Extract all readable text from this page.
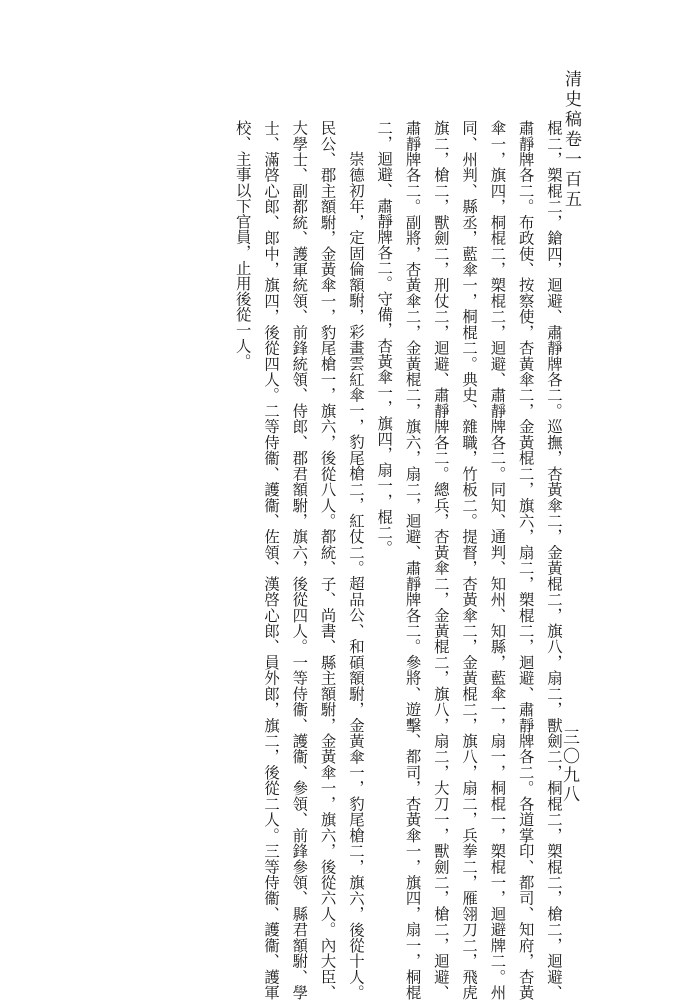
清史稿卷一百五
三〇九八

棍二，槊棍二，鎗四，迴避、肅靜牌各二。巡撫，杏黃傘二，金黃棍二，旗八，扇二，獸劍二，桐棍二，槊棍二，槍二，迴避、肅靜牌各二。布政使、按察使，杏黃傘二，金黃棍二，旗六，扇二，槊棍二，迴避、肅靜牌各二。各道掌印、都司、知府，杏黃傘一，旗四，桐棍二，槊棍二，迴避、肅靜牌各二。同知、通判、知州、知縣，藍傘一，扇一，桐棍一，槊棍一，迴避牌二。州同、州判、縣丞，藍傘一，桐棍二。典史、雜職，竹板二。提督，杏黃傘二，金黃棍二，旗八，扇二，兵拳二，雁翎刀二，飛虎旗二，槍二，獸劍二，刑仗二，迴避、肅靜牌各二。總兵，杏黃傘二，金黃棍二，旗八，扇二，大刀一，獸劍二，槍二，迴避、肅靜牌各二。副將，杏黃傘二，金黃棍二，旗六，扇二，迴避、肅靜牌各二。參將、遊擊、都司，杏黃傘一，旗四，扇一，桐棍二，迴避、肅靜牌各二。守備，杏黃傘一，旗四，扇一，棍二。

崇德初年，定固倫額駙，彩畫雲紅傘一，豹尾槍二，紅仗二。超品公、和碩額駙，金黃傘一，豹尾槍二，旗六，後從十人。民公、郡主額駙，金黃傘一，豹尾槍一，旗六，後從八人。都統、子、尚書、縣主額駙，金黃傘一，旗六，後從六人。內大臣、大學士、副都統、護軍統領、前鋒統領、侍郎、郡君額駙，旗六，後從四人。一等侍衞、護衞、參領、前鋒參領、縣君額駙、學士、滿啓心郎、郎中，旗四，後從四人。二等侍衞、護衞、佐領、漢啓心郎、員外郎，旗二，後從二人。三等侍衞、護衞、護軍校、主事以下官員，止用後從一人。
